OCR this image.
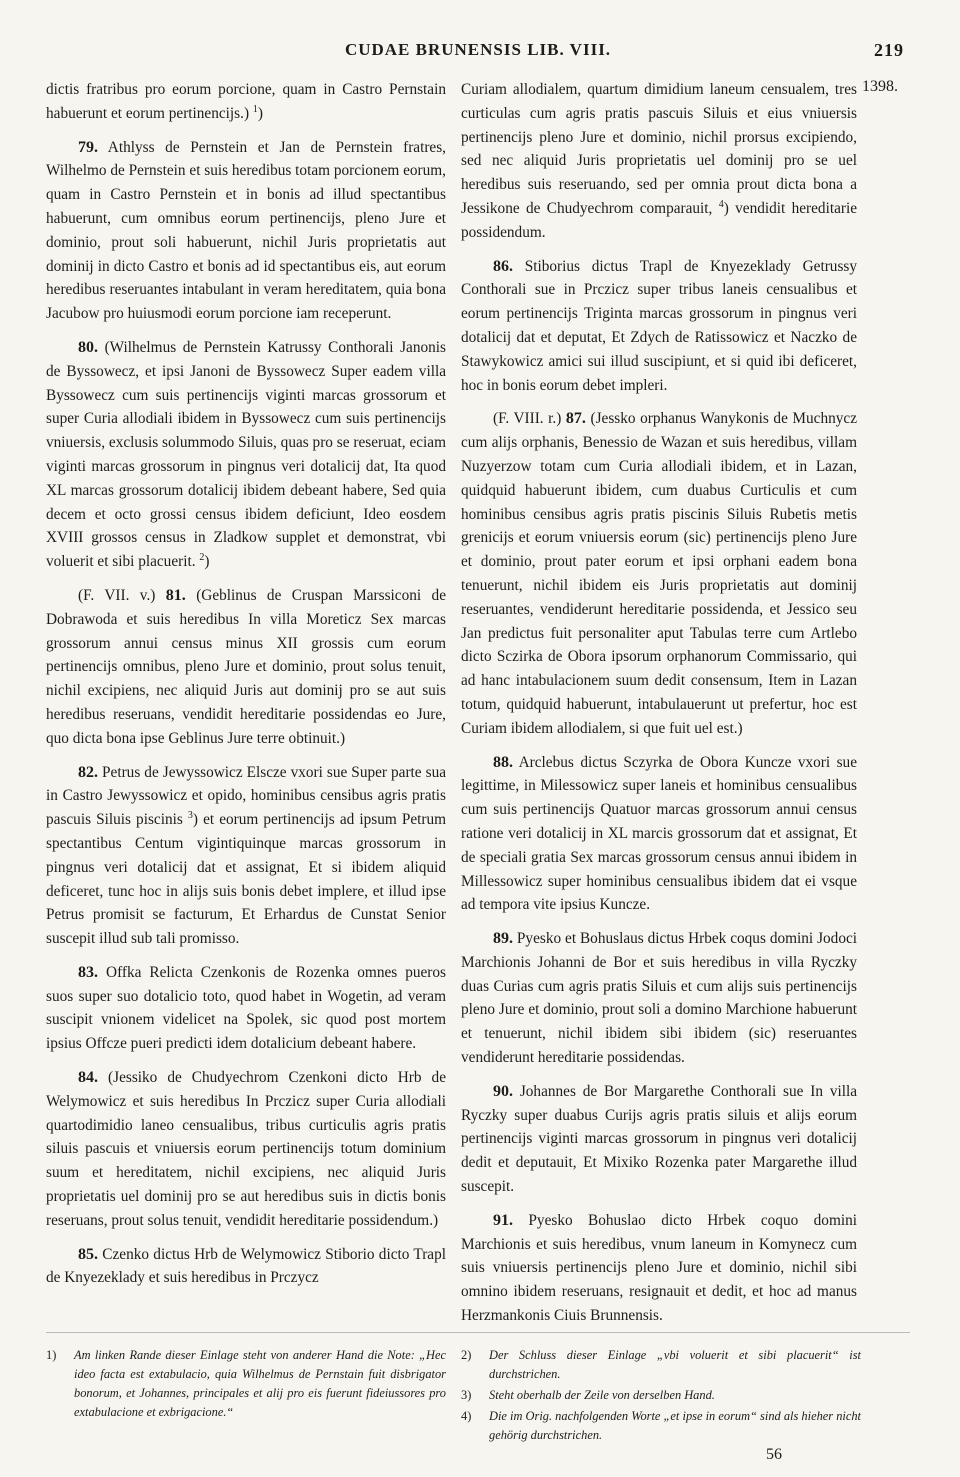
CUDAE BRUNENSIS LIB. VIII.	219
1398.

dictis fratribus pro eorum porcione, quam in Castro Pernstain habuerunt et eorum pertinencijs.) $^1$)

79. Athlyss de Pernstein et Jan de Pernstein fratres, Wilhelmo de Pernstein et suis heredibus totam porcionem eorum, quam in Castro Pernstein et in bonis ad illud spectantibus habuerunt, cum omnibus eorum pertinencijs, pleno Jure et dominio, prout soli habuerunt, nichil Juris proprietatis aut dominij in dicto Castro et bonis ad id spectantibus eis, aut eorum heredibus reseruantes intabulant in veram hereditatem, quia bona Jacubow pro huiusmodi eorum porcione iam receperunt.

80. (Wilhelmus de Pernstein Katrussy Conthorali Janonis de Byssowecz, et ipsi Janoni de Byssowecz Super eadem villa Byssowecz cum suis pertinencijs viginti marcas grossorum et super Curia allodiali ibidem in Byssowecz cum suis pertinencijs vniuersis, exclusis solummodo Siluis, quas pro se reseruat, eciam viginti marcas grossorum in pingnus veri dotalicij dat, Ita quod XL marcas grossorum dotalicij ibidem debeant habere, Sed quia decem et octo grossi census ibidem deficiunt, Ideo eosdem XVIII grossos census in Zladkow supplet et demonstrat, vbi voluerit et sibi placuerit. $^2$)

(F. VII. v.) 81. (Geblinus de Cruspan Marssiconi de Dobrawoda et suis heredibus In villa Moreticz Sex marcas grossorum annui census minus XII grossis cum eorum pertinencijs omnibus, pleno Jure et dominio, prout solus tenuit, nichil excipiens, nec aliquid Juris aut dominij pro se aut suis heredibus reseruans, vendidit hereditarie possidendas eo Jure, quo dicta bona ipse Geblinus Jure terre obtinuit.)

82. Petrus de Jewyssowicz Elscze vxori sue Super parte sua in Castro Jewyssowicz et opido, hominibus censibus agris pratis pascuis Siluis piscinis $^3$) et eorum pertinencijs ad ipsum Petrum spectantibus Centum vigintiquinque marcas grossorum in pingnus veri dotalicij dat et assignat, Et si ibidem aliquid deficeret, tunc hoc in alijs suis bonis debet implere, et illud ipse Petrus promisit se facturum, Et Erhardus de Cunstat Senior suscepit illud sub tali promisso.

83. Offka Relicta Czenkonis de Rozenka omnes pueros suos super suo dotalicio toto, quod habet in Wogetin, ad veram suscipit vnionem videlicet na Spolek, sic quod post mortem ipsius Offcze pueri predicti idem dotalicium debeant habere.

84. (Jessiko de Chudyechrom Czenkoni dicto Hrb de Welymowicz et suis heredibus In Prczicz super Curia allodiali quartodimidio laneo censualibus, tribus curticulis agris pratis siluis pascuis et vniuersis eorum pertinencijs totum dominium suum et hereditatem, nichil excipiens, nec aliquid Juris proprietatis uel dominij pro se aut heredibus suis in dictis bonis reseruans, prout solus tenuit, vendidit hereditarie possidendum.)

85. Czenko dictus Hrb de Welymowicz Stiborio dicto Trapl de Knyezeklady et suis heredibus in Prczycz

Curiam allodialem, quartum dimidium laneum censualem, tres curticulas cum agris pratis pascuis Siluis et eius vniuersis pertinencijs pleno Jure et dominio, nichil prorsus excipiendo, sed nec aliquid Juris proprietatis uel dominij pro se uel heredibus suis reseruando, sed per omnia prout dicta bona a Jessikone de Chudyechrom comparauit, $^4$) vendidit hereditarie possidendum.

86. Stiborius dictus Trapl de Knyezeklady Getrussy Conthorali sue in Prczicz super tribus laneis censualibus et eorum pertinencijs Triginta marcas grossorum in pingnus veri dotalicij dat et deputat, Et Zdych de Ratissowicz et Naczko de Stawykowicz amici sui illud suscipiunt, et si quid ibi deficeret, hoc in bonis eorum debet impleri.

(F. VIII. r.) 87. (Jessko orphanus Wanykonis de Muchnycz cum alijs orphanis, Benessio de Wazan et suis heredibus, villam Nuzyerzow totam cum Curia allodiali ibidem, et in Lazan, quidquid habuerunt ibidem, cum duabus Curticulis et cum hominibus censibus agris pratis piscinis Siluis Rubetis metis grenicijs et eorum vniuersis eorum (sic) pertinencijs pleno Jure et dominio, prout pater eorum et ipsi orphani eadem bona tenuerunt, nichil ibidem eis Juris proprietatis aut dominij reseruantes, vendiderunt hereditarie possidenda, et Jessico seu Jan predictus fuit personaliter aput Tabulas terre cum Artlebo dicto Sczirka de Obora ipsorum orphanorum Commissario, qui ad hanc intabulacionem suum dedit consensum, Item in Lazan totum, quidquid habuerunt, intabulauerunt ut prefertur, hoc est Curiam ibidem allodialem, si que fuit uel est.)

88. Arclebus dictus Sczyrka de Obora Kuncze vxori sue legittime, in Milessowicz super laneis et hominibus censualibus cum suis pertinencijs Quatuor marcas grossorum annui census ratione veri dotalicij in XL marcis grossorum dat et assignat, Et de speciali gratia Sex marcas grossorum census annui ibidem in Millessowicz super hominibus censualibus ibidem dat ei vsque ad tempora vite ipsius Kuncze.

89. Pyesko et Bohuslaus dictus Hrbek coqus domini Jodoci Marchionis Johanni de Bor et suis heredibus in villa Ryczky duas Curias cum agris pratis Siluis et cum alijs suis pertinencijs pleno Jure et dominio, prout soli a domino Marchione habuerunt et tenuerunt, nichil ibidem sibi ibidem (sic) reseruantes vendiderunt hereditarie possidendas.

90. Johannes de Bor Margarethe Conthorali sue In villa Ryczky super duabus Curijs agris pratis siluis et alijs eorum pertinencijs viginti marcas grossorum in pingnus veri dotalicij dedit et deputauit, Et Mixiko Rozenka pater Margarethe illud suscepit.

91. Pyesko Bohuslao dicto Hrbek coquo domini Marchionis et suis heredibus, vnum laneum in Komynecz cum suis vniuersis pertinencijs pleno Jure et dominio, nichil sibi omnino ibidem reseruans, resignauit et dedit, et hoc ad manus Herzmankonis Ciuis Brunnensis.

1) Am linken Rande dieser Einlage steht von anderer Hand die Note: „Hec ideo facta est extabulacio, quia Wilhelmus de Pernstain fuit disbrigator bonorum, et Johannes, principales et alij pro eis fuerunt fideiussores pro extabulacione et exbrigacione.“
2) Der Schluss dieser Einlage „vbi voluerit et sibi placuerit“ ist durchstrichen.
3) Steht oberhalb der Zeile von derselben Hand.
4) Die im Orig. nachfolgenden Worte „et ipse in eorum“ sind als hieher nicht gehörig durchstrichen.
56
